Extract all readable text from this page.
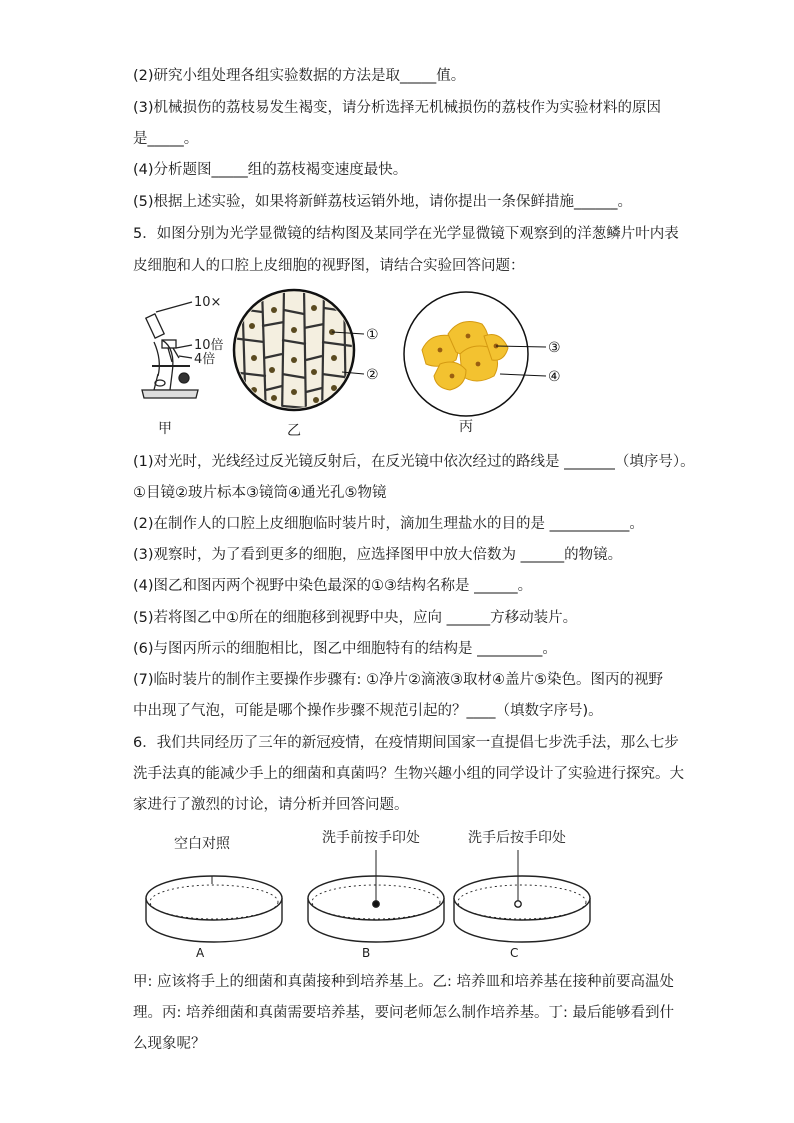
(2)研究小组处理各组实验数据的方法是取_____值。
(3)机械损伤的荔枝易发生褐变，请分析选择无机械损伤的荔枝作为实验材料的原因
是_____。
(4)分析题图_____组的荔枝褐变速度最快。
(5)根据上述实验，如果将新鲜荔枝运销外地，请你提出一条保鲜措施______。
5．如图分别为光学显微镜的结构图及某同学在光学显微镜下观察到的洋葱鳞片叶内表
皮细胞和人的口腔上皮细胞的视野图，请结合实验回答问题：
10×
10倍
4倍
甲
①
②
乙
③
④
丙
(1)对光时，光线经过反光镜反射后，在反光镜中依次经过的路线是 _______（填序号）。
①目镜②玻片标本③镜筒④通光孔⑤物镜
(2)在制作人的口腔上皮细胞临时装片时，滴加生理盐水的目的是 ___________。
(3)观察时，为了看到更多的细胞，应选择图甲中放大倍数为 ______的物镜。
(4)图乙和图丙两个视野中染色最深的①③结构名称是 ______。
(5)若将图乙中①所在的细胞移到视野中央，应向 ______方移动装片。
(6)与图丙所示的细胞相比，图乙中细胞特有的结构是 _________。
(7)临时装片的制作主要操作步骤有: ①净片②滴液③取材④盖片⑤染色。图丙的视野
中出现了气泡，可能是哪个操作步骤不规范引起的？____（填数字序号)。
6．我们共同经历了三年的新冠疫情，在疫情期间国家一直提倡七步洗手法，那么七步
洗手法真的能减少手上的细菌和真菌吗？生物兴趣小组的同学设计了实验进行探究。大
家进行了激烈的讨论，请分析并回答问题。
空白对照	洗手前按手印处	洗手后按手印处
A	B	C
甲: 应该将手上的细菌和真菌接种到培养基上。乙: 培养皿和培养基在接种前要高温处
理。丙: 培养细菌和真菌需要培养基，要问老师怎么制作培养基。丁: 最后能够看到什
么现象呢？
